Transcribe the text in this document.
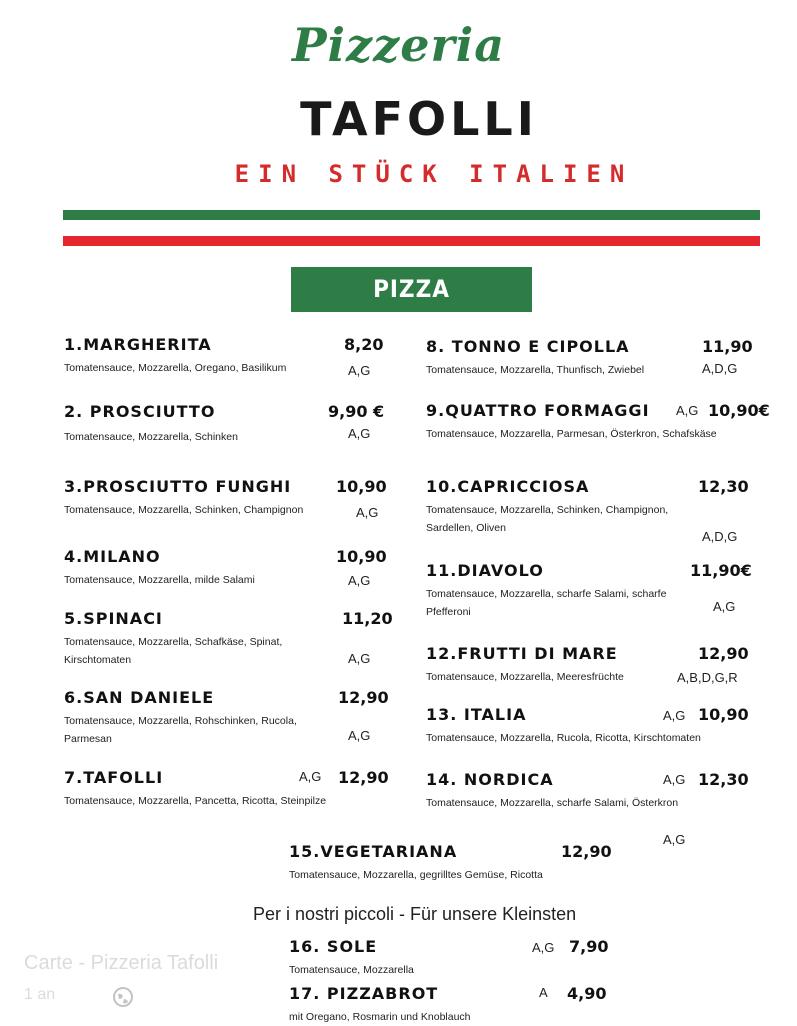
Pizzeria
TAFOLLI
EIN STÜCK ITALIEN
PIZZA
1.MARGHERITA	8,20
Tomatensauce, Mozzarella, Oregano, Basilikum	A,G
2. PROSCIUTTO	9,90 €
Tomatensauce, Mozzarella, Schinken	A,G
3.PROSCIUTTO FUNGHI	10,90
Tomatensauce, Mozzarella, Schinken, Champignon	A,G
4.MILANO	10,90
Tomatensauce, Mozzarella, milde Salami	A,G
5.SPINACI	11,20
Tomatensauce, Mozzarella, Schafkäse, Spinat, Kirschtomaten	A,G
6.SAN DANIELE	12,90
Tomatensauce, Mozzarella, Rohschinken, Rucola, Parmesan	A,G
7.TAFOLLI	A,G 12,90
Tomatensauce, Mozzarella, Pancetta, Ricotta, Steinpilze
8. TONNO E CIPOLLA	11,90
Tomatensauce, Mozzarella, Thunfisch, Zwiebel	A,D,G
9.QUATTRO FORMAGGI A,G 10,90€
Tomatensauce, Mozzarella, Parmesan, Österkron, Schafskäse
10.CAPRICCIOSA	12,30
Tomatensauce, Mozzarella, Schinken, Champignon, Sardellen, Oliven
A,D,G
11.DIAVOLO	11,90€
Tomatensauce, Mozzarella, scharfe Salami, scharfe Pfefferoni	A,G
12.FRUTTI DI MARE	12,90
Tomatensauce, Mozzarella, Meeresfrüchte	A,B,D,G,R
13. ITALIA	A,G 10,90
Tomatensauce, Mozzarella, Rucola, Ricotta, Kirschtomaten
14. NORDICA	A,G 12,30
Tomatensauce, Mozzarella, scharfe Salami, Österkron
A,G
15.VEGETARIANA	12,90
Tomatensauce, Mozzarella, gegrilltes Gemüse, Ricotta
Per i nostri piccoli - Für unsere Kleinsten
16. SOLE	A,G 7,90
Tomatensauce, Mozzarella
17. PIZZABROT	A 4,90
mit Oregano, Rosmarin und Knoblauch
Carte - Pizzeria Tafolli
1 an
